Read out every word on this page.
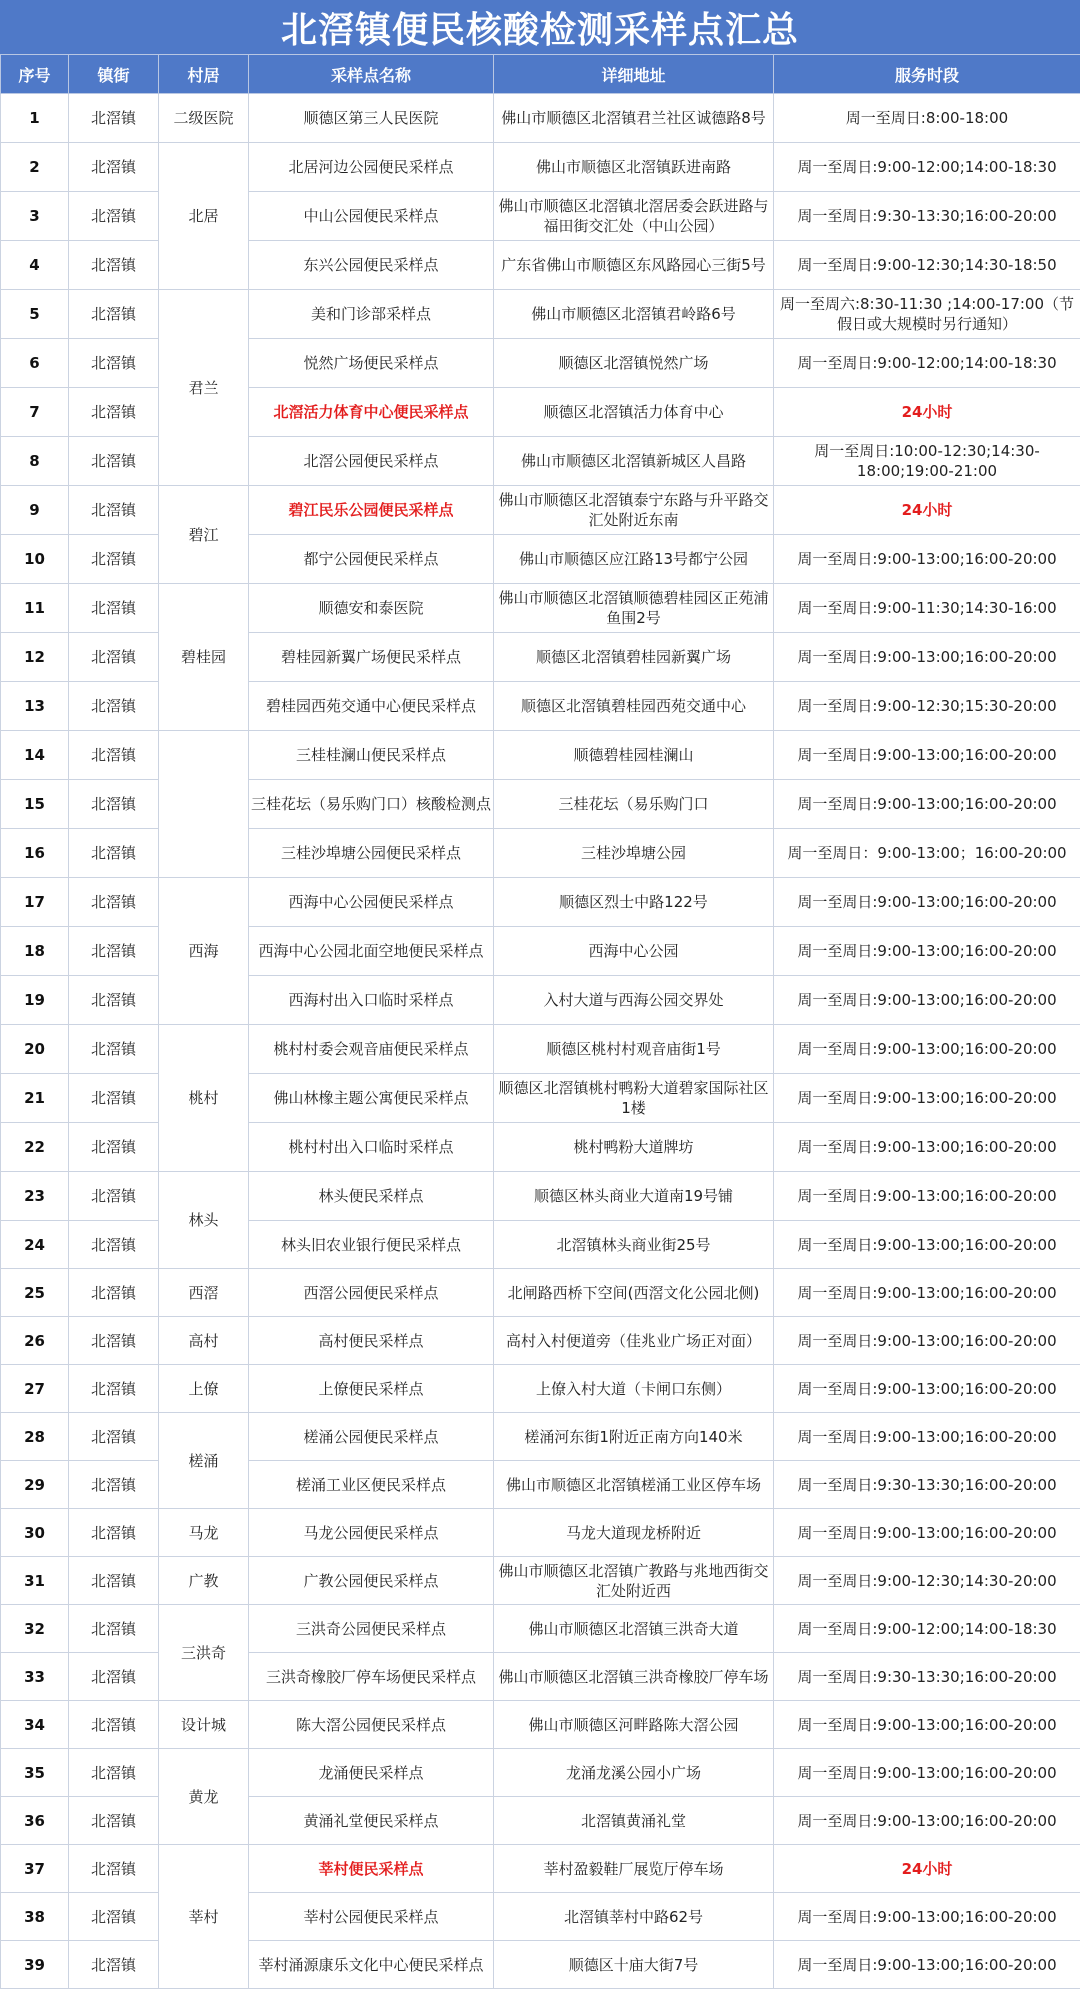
北滘镇便民核酸检测采样点汇总
序号	镇街	村居	采样点名称	详细地址	服务时段
1	北滘镇	二级医院	顺德区第三人民医院	佛山市顺德区北滘镇君兰社区诚德路8号	周一至周日:8:00-18:00
2	北滘镇	北居	北居河边公园便民采样点	佛山市顺德区北滘镇跃进南路	周一至周日:9:00-12:00;14:00-18:30
3	北滘镇		中山公园便民采样点	佛山市顺德区北滘镇北滘居委会跃进路与福田街交汇处（中山公园）	周一至周日:9:30-13:30;16:00-20:00
4	北滘镇		东兴公园便民采样点	广东省佛山市顺德区东风路园心三街5号	周一至周日:9:00-12:30;14:30-18:50
5	北滘镇	君兰	美和门诊部采样点	佛山市顺德区北滘镇君岭路6号	周一至周六:8:30-11:30 ;14:00-17:00（节假日或大规模时另行通知）
6	北滘镇		悦然广场便民采样点	顺德区北滘镇悦然广场	周一至周日:9:00-12:00;14:00-18:30
7	北滘镇		北滘活力体育中心便民采样点	顺德区北滘镇活力体育中心	24小时
8	北滘镇		北滘公园便民采样点	佛山市顺德区北滘镇新城区人昌路	周一至周日:10:00-12:30;14:30-18:00;19:00-21:00
9	北滘镇	碧江	碧江民乐公园便民采样点	佛山市顺德区北滘镇泰宁东路与升平路交汇处附近东南	24小时
10	北滘镇		都宁公园便民采样点	佛山市顺德区应江路13号都宁公园	周一至周日:9:00-13:00;16:00-20:00
11	北滘镇	碧桂园	顺德安和泰医院	佛山市顺德区北滘镇顺德碧桂园区正苑浦鱼围2号	周一至周日:9:00-11:30;14:30-16:00
12	北滘镇		碧桂园新翼广场便民采样点	顺德区北滘镇碧桂园新翼广场	周一至周日:9:00-13:00;16:00-20:00
13	北滘镇		碧桂园西苑交通中心便民采样点	顺德区北滘镇碧桂园西苑交通中心	周一至周日:9:00-12:30;15:30-20:00
14	北滘镇		三桂桂澜山便民采样点	顺德碧桂园桂澜山	周一至周日:9:00-13:00;16:00-20:00
15	北滘镇		三桂花坛（易乐购门口）核酸检测点	三桂花坛（易乐购门口	周一至周日:9:00-13:00;16:00-20:00
16	北滘镇		三桂沙埠塘公园便民采样点	三桂沙埠塘公园	周一至周日：9:00-13:00；16:00-20:00
17	北滘镇	西海	西海中心公园便民采样点	顺德区烈士中路122号	周一至周日:9:00-13:00;16:00-20:00
18	北滘镇		西海中心公园北面空地便民采样点	西海中心公园	周一至周日:9:00-13:00;16:00-20:00
19	北滘镇		西海村出入口临时采样点	入村大道与西海公园交界处	周一至周日:9:00-13:00;16:00-20:00
20	北滘镇	桃村	桃村村委会观音庙便民采样点	顺德区桃村村观音庙街1号	周一至周日:9:00-13:00;16:00-20:00
21	北滘镇		佛山林橡主题公寓便民采样点	顺德区北滘镇桃村鸭粉大道碧家国际社区1楼	周一至周日:9:00-13:00;16:00-20:00
22	北滘镇		桃村村出入口临时采样点	桃村鸭粉大道牌坊	周一至周日:9:00-13:00;16:00-20:00
23	北滘镇	林头	林头便民采样点	顺德区林头商业大道南19号铺	周一至周日:9:00-13:00;16:00-20:00
24	北滘镇		林头旧农业银行便民采样点	北滘镇林头商业街25号	周一至周日:9:00-13:00;16:00-20:00
25	北滘镇	西滘	西滘公园便民采样点	北闸路西桥下空间(西滘文化公园北侧)	周一至周日:9:00-13:00;16:00-20:00
26	北滘镇	高村	高村便民采样点	高村入村便道旁（佳兆业广场正对面）	周一至周日:9:00-13:00;16:00-20:00
27	北滘镇	上僚	上僚便民采样点	上僚入村大道（卡闸口东侧）	周一至周日:9:00-13:00;16:00-20:00
28	北滘镇	槎涌	槎涌公园便民采样点	槎涌河东街1附近正南方向140米	周一至周日:9:00-13:00;16:00-20:00
29	北滘镇		槎涌工业区便民采样点	佛山市顺德区北滘镇槎涌工业区停车场	周一至周日:9:30-13:30;16:00-20:00
30	北滘镇	马龙	马龙公园便民采样点	马龙大道现龙桥附近	周一至周日:9:00-13:00;16:00-20:00
31	北滘镇	广教	广教公园便民采样点	佛山市顺德区北滘镇广教路与兆地西街交汇处附近西	周一至周日:9:00-12:30;14:30-20:00
32	北滘镇	三洪奇	三洪奇公园便民采样点	佛山市顺德区北滘镇三洪奇大道	周一至周日:9:00-12:00;14:00-18:30
33	北滘镇		三洪奇橡胶厂停车场便民采样点	佛山市顺德区北滘镇三洪奇橡胶厂停车场	周一至周日:9:30-13:30;16:00-20:00
34	北滘镇	设计城	陈大滘公园便民采样点	佛山市顺德区河畔路陈大滘公园	周一至周日:9:00-13:00;16:00-20:00
35	北滘镇	黄龙	龙涌便民采样点	龙涌龙溪公园小广场	周一至周日:9:00-13:00;16:00-20:00
36	北滘镇		黄涌礼堂便民采样点	北滘镇黄涌礼堂	周一至周日:9:00-13:00;16:00-20:00
37	北滘镇	莘村	莘村便民采样点	莘村盈毅鞋厂展览厅停车场	24小时
38	北滘镇		莘村公园便民采样点	北滘镇莘村中路62号	周一至周日:9:00-13:00;16:00-20:00
39	北滘镇		莘村涌源康乐文化中心便民采样点	顺德区十庙大街7号	周一至周日:9:00-13:00;16:00-20:00
